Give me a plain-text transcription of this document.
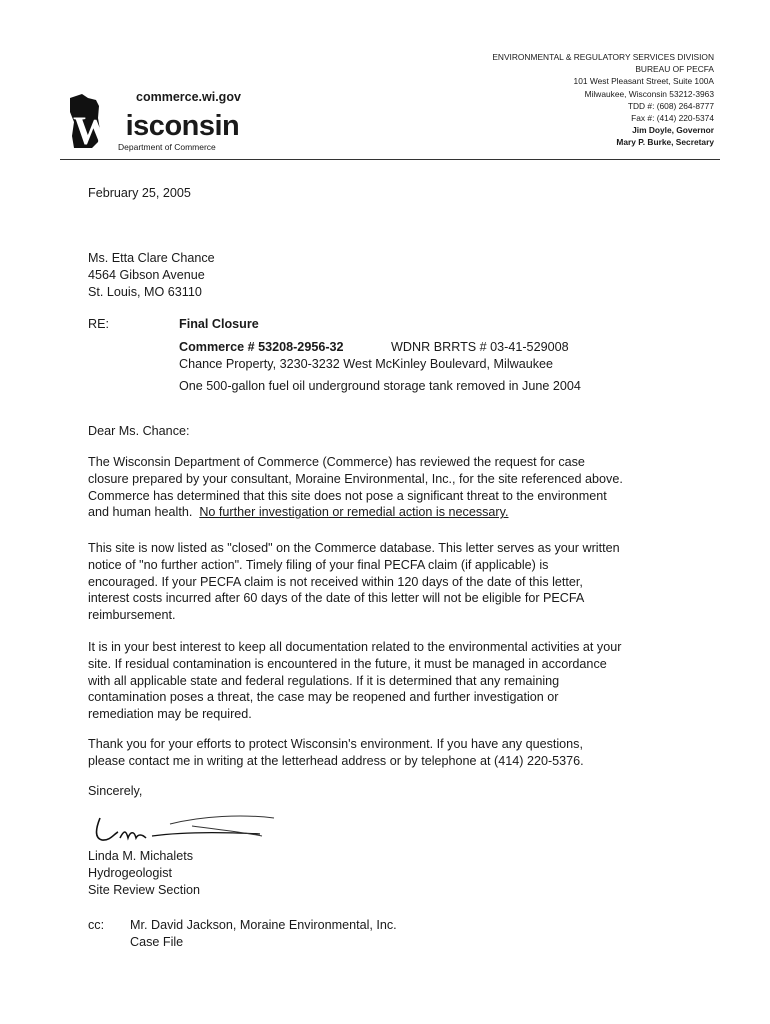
commerce.wi.gov
W isconsin
Department of Commerce
ENVIRONMENTAL & REGULATORY SERVICES DIVISION
BUREAU OF PECFA
101 West Pleasant Street, Suite 100A
Milwaukee, Wisconsin 53212-3963
TDD #: (608) 264-8777
Fax #: (414) 220-5374
Jim Doyle, Governor
Mary P. Burke, Secretary
February 25, 2005
Ms. Etta Clare Chance
4564 Gibson Avenue
St. Louis, MO 63110
RE:	Final Closure
Commerce # 53208-2956-32	WDNR BRRTS # 03-41-529008
Chance Property, 3230-3232 West McKinley Boulevard, Milwaukee
One 500-gallon fuel oil underground storage tank removed in June 2004
Dear Ms. Chance:
The Wisconsin Department of Commerce (Commerce) has reviewed the request for case
closure prepared by your consultant, Moraine Environmental, Inc., for the site referenced above.
Commerce has determined that this site does not pose a significant threat to the environment
and human health.  No further investigation or remedial action is necessary.
This site is now listed as "closed" on the Commerce database. This letter serves as your written
notice of "no further action". Timely filing of your final PECFA claim (if applicable) is
encouraged. If your PECFA claim is not received within 120 days of the date of this letter,
interest costs incurred after 60 days of the date of this letter will not be eligible for PECFA
reimbursement.
It is in your best interest to keep all documentation related to the environmental activities at your
site. If residual contamination is encountered in the future, it must be managed in accordance
with all applicable state and federal regulations. If it is determined that any remaining
contamination poses a threat, the case may be reopened and further investigation or
remediation may be required.
Thank you for your efforts to protect Wisconsin's environment. If you have any questions,
please contact me in writing at the letterhead address or by telephone at (414) 220-5376.
Sincerely,
Linda M. Michalets
Hydrogeologist
Site Review Section
cc: Mr. David Jackson, Moraine Environmental, Inc.
Case File
